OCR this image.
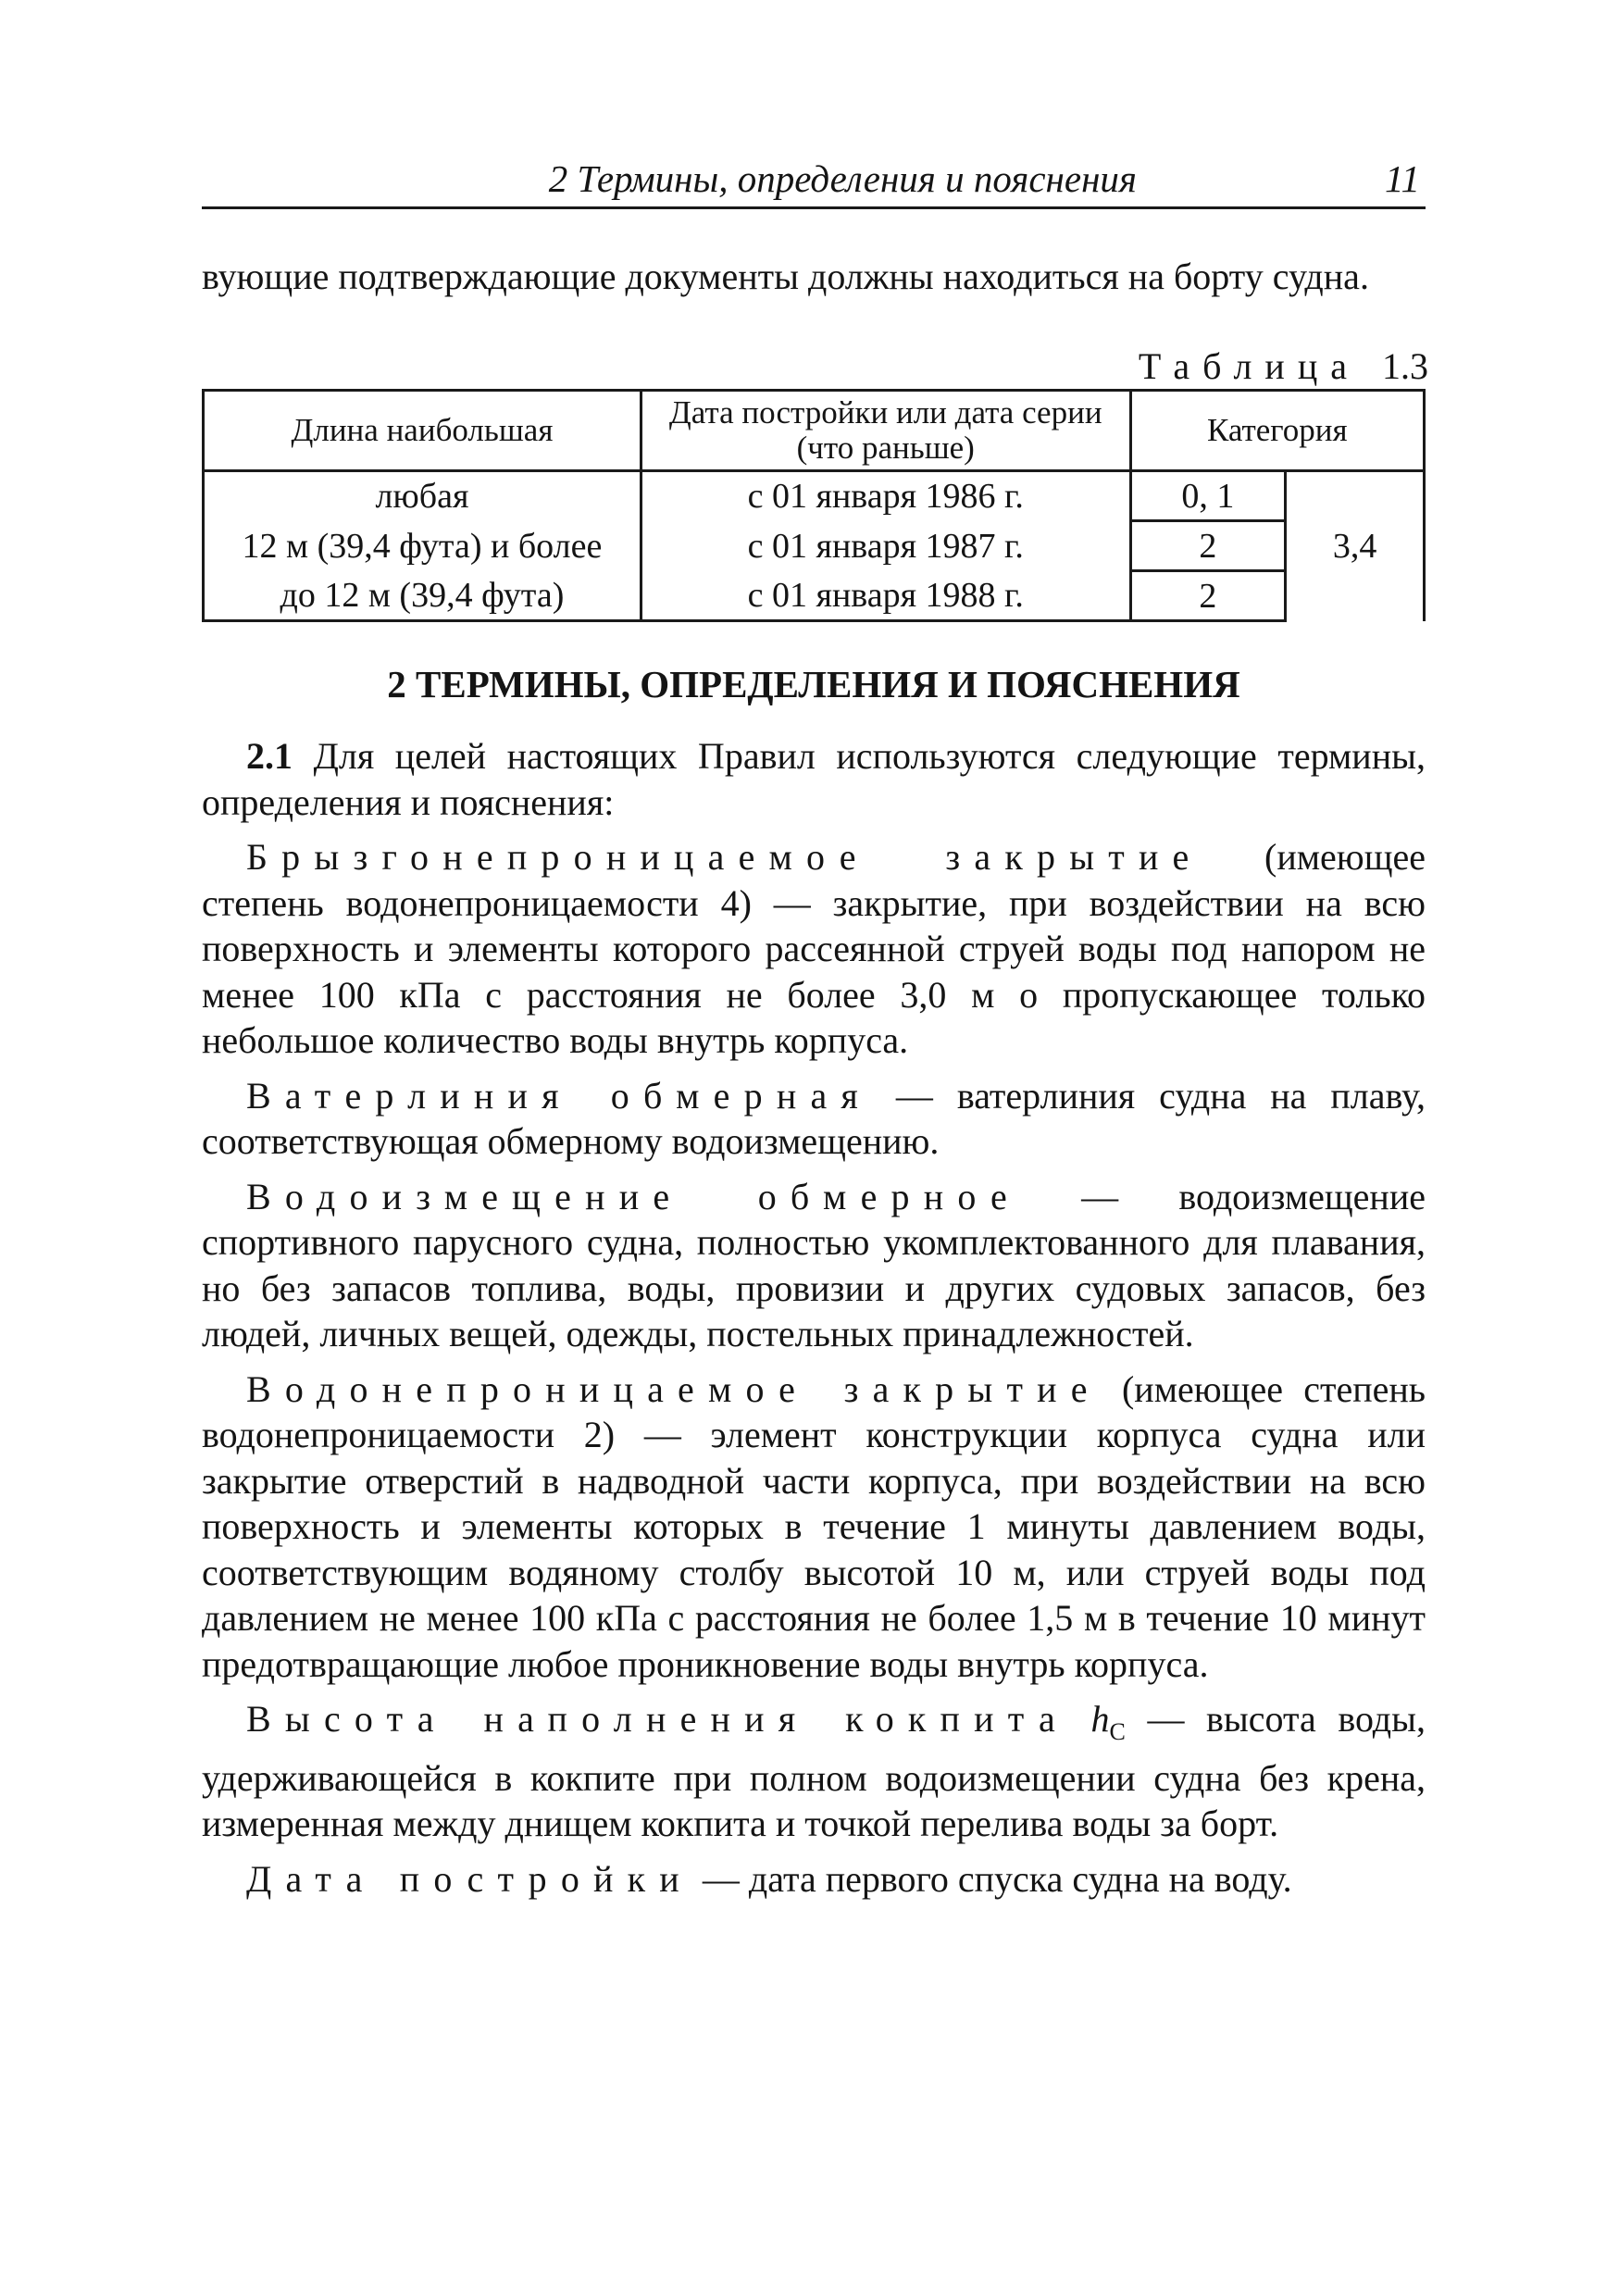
2 Термины, определения и пояснения	11
вующие подтверждающие документы должны находиться на борту судна.
Таблица 1.3
Длина наибольшая	Дата постройки или дата серии (что раньше)	Категория	
любая	с 01 января 1986 г.	0, 1	3,4
12 м (39,4 фута) и более	с 01 января 1987 г.	2	
до 12 м (39,4 фута)	с 01 января 1988 г.	2	
2 ТЕРМИНЫ, ОПРЕДЕЛЕНИЯ И ПОЯСНЕНИЯ

2.1 Для целей настоящих Правил используются следующие термины, определения и пояснения:

Брызгонепроницаемое закрытие (имеющее степень водонепроницаемости 4) — закрытие, при воздействии на всю поверхность и элементы которого рассеянной струей воды под напором не менее 100 кПа с расстояния не более 3,0 м о пропускающее только небольшое количество воды внутрь корпуса.

Ватерлиния обмерная — ватерлиния судна на плаву, соответствующая обмерному водоизмещению.

Водоизмещение обмерное — водоизмещение спортивного парусного судна, полностью укомплектованного для плавания, но без запасов топлива, воды, провизии и других судовых запасов, без людей, личных вещей, одежды, постельных принадлежностей.

Водонепроницаемое закрытие (имеющее степень водонепроницаемости 2) — элемент конструкции корпуса судна или закрытие отверстий в надводной части корпуса, при воздействии на всю поверхность и элементы которых в течение 1 минуты давлением воды, соответствующим водяному столбу высотой 10 м, или струей воды под давлением не менее 100 кПа с расстояния не более 1,5 м в течение 10 минут предотвращающие любое проникновение воды внутрь корпуса.

Высота наполнения кокпита $h_C$ — высота воды, удерживающейся в кокпите при полном водоизмещении судна без крена, измеренная между днищем кокпита и точкой перелива воды за борт.

Дата постройки — дата первого спуска судна на воду.
